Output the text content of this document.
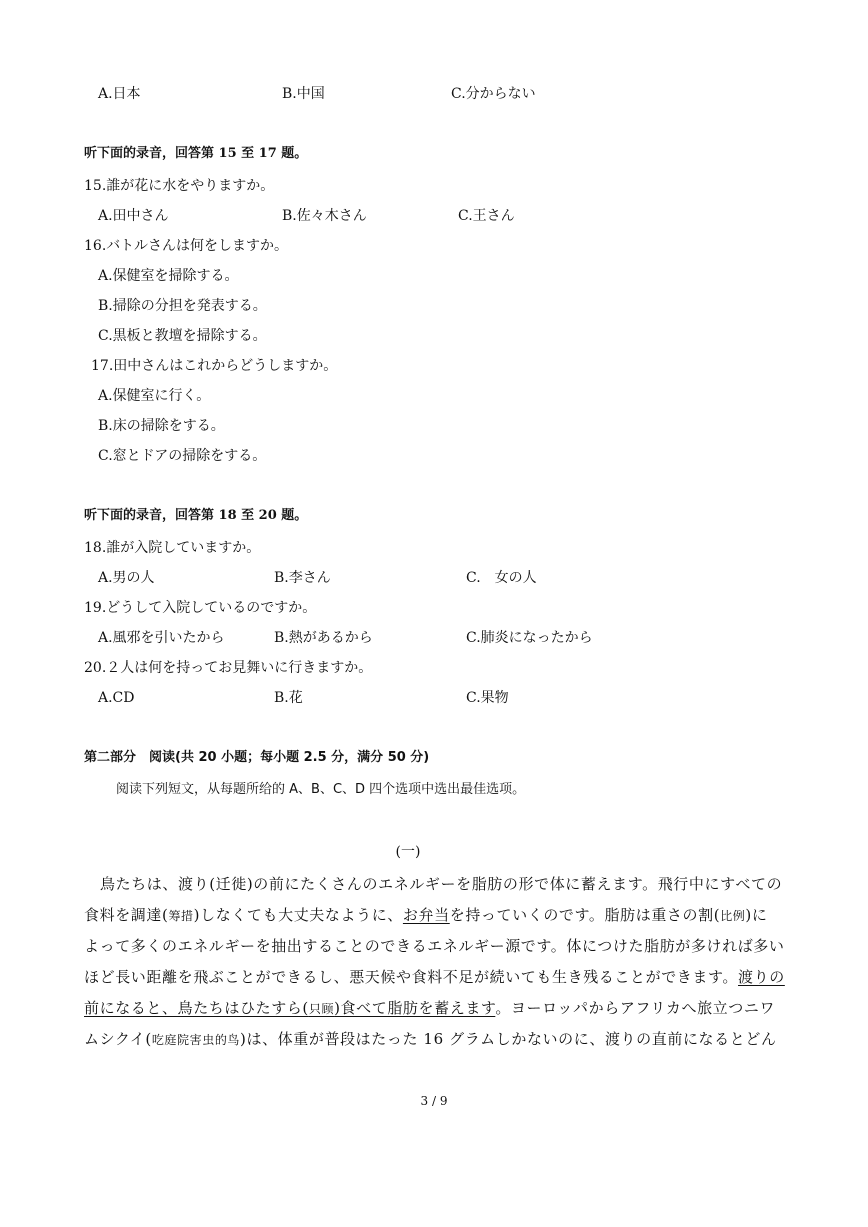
A.日本	B.中国	C.分からない
听下面的录音，回答第 15 至 17 题。
15.誰が花に水をやりますか。
A.田中さん	B.佐々木さん	C.王さん
16.バトルさんは何をしますか。
A.保健室を掃除する。
B.掃除の分担を発表する。
C.黒板と教壇を掃除する。
17.田中さんはこれからどうしますか。
A.保健室に行く。
B.床の掃除をする。
C.窓とドアの掃除をする。
听下面的录音，回答第 18 至 20 题。
18.誰が入院していますか。
A.男の人	B.李さん	C.　女の人
19.どうして入院しているのですか。
A.風邪を引いたから	B.熱があるから	C.肺炎になったから
20.２人は何を持ってお見舞いに行きますか。
A.CD	B.花	C.果物
第二部分　阅读(共 20 小题；每小题 2.5 分，满分 50 分)
阅读下列短文，从每题所给的 A、B、C、D 四个选项中选出最佳选项。
(一)
鳥たちは、渡り(迁徙)の前にたくさんのエネルギーを脂肪の形で体に蓄えます。飛行中にすべての
食料を調達(筹措)しなくても大丈夫なように、お弁当を持っていくのです。脂肪は重さの割(比例)に
よって多くのエネルギーを抽出することのできるエネルギー源です。体につけた脂肪が多ければ多い
ほど長い距離を飛ぶことができるし、悪天候や食料不足が続いても生き残ることができます。渡りの
前になると、鳥たちはひたすら(只顾)食べて脂肪を蓄えます。ヨーロッパからアフリカへ旅立つニワ
ムシクイ(吃庭院害虫的鸟)は、体重が普段はたった 16 グラムしかないのに、渡りの直前になるとどん
3 / 9
